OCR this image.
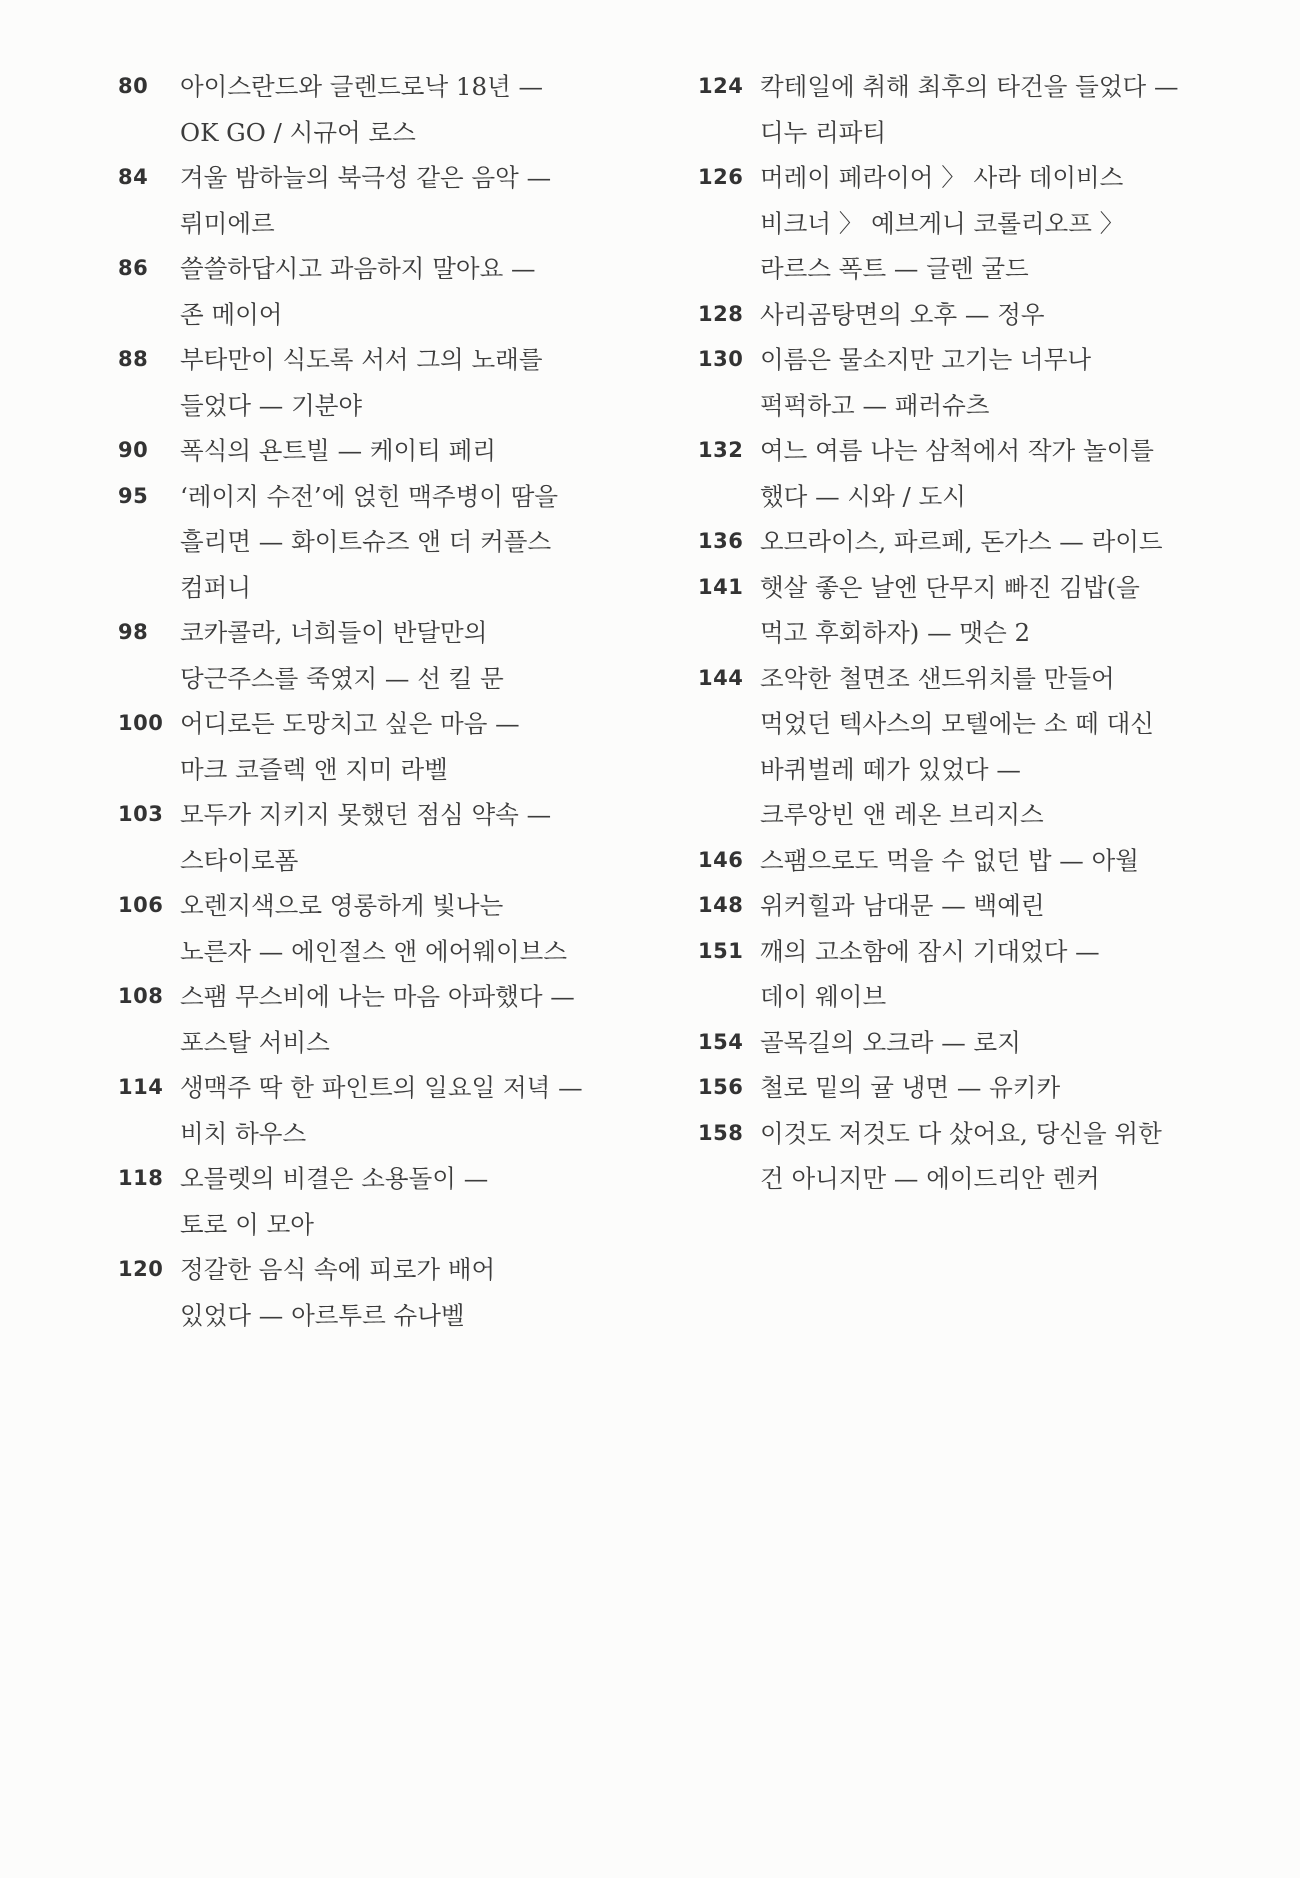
80	아이스란드와 글렌드로낙 18년 —
OK GO / 시규어 로스
84	겨울 밤하늘의 북극성 같은 음악 —
뤼미에르
86	쓸쓸하답시고 과음하지 말아요 —
존 메이어
88	부타만이 식도록 서서 그의 노래를
들었다 — 기분야
90	폭식의 욘트빌 — 케이티 페리
95	‘레이지 수전’에 얹힌 맥주병이 땀을
흘리면 — 화이트슈즈 앤 더 커플스
컴퍼니
98	코카콜라, 너희들이 반달만의
당근주스를 죽였지 — 선 킬 문
100 어디로든 도망치고 싶은 마음 —
마크 코즐렉 앤 지미 라벨
103 모두가 지키지 못했던 점심 약속 —
스타이로폼
106 오렌지색으로 영롱하게 빛나는
노른자 — 에인절스 앤 에어웨이브스
108 스팸 무스비에 나는 마음 아파했다 —
포스탈 서비스
114 생맥주 딱 한 파인트의 일요일 저녁 —
비치 하우스
118 오믈렛의 비결은 소용돌이 —
토로 이 모아
120 정갈한 음식 속에 피로가 배어
있었다 — 아르투르 슈나벨
124 칵테일에 취해 최후의 타건을 들었다 —
디누 리파티
126 머레이 페라이어 〉 사라 데이비스
비크너 〉 예브게니 코롤리오프 〉
라르스 폭트 — 글렌 굴드
128 사리곰탕면의 오후 — 정우
130 이름은 물소지만 고기는 너무나
퍽퍽하고 — 패러슈츠
132 여느 여름 나는 삼척에서 작가 놀이를
했다 — 시와 / 도시
136 오므라이스, 파르페, 돈가스 — 라이드
141 햇살 좋은 날엔 단무지 빠진 김밥(을
먹고 후회하자) — 맷슨 2
144 조악한 철면조 샌드위치를 만들어
먹었던 텍사스의 모텔에는 소 떼 대신
바퀴벌레 떼가 있었다 —
크루앙빈 앤 레온 브리지스
146 스팸으로도 먹을 수 없던 밥 — 아월
148 위커힐과 남대문 — 백예린
151 깨의 고소함에 잠시 기대었다 —
데이 웨이브
154 골목길의 오크라 — 로지
156 철로 밑의 귤 냉면 — 유키카
158 이것도 저것도 다 샀어요, 당신을 위한
건 아니지만 — 에이드리안 렌커
